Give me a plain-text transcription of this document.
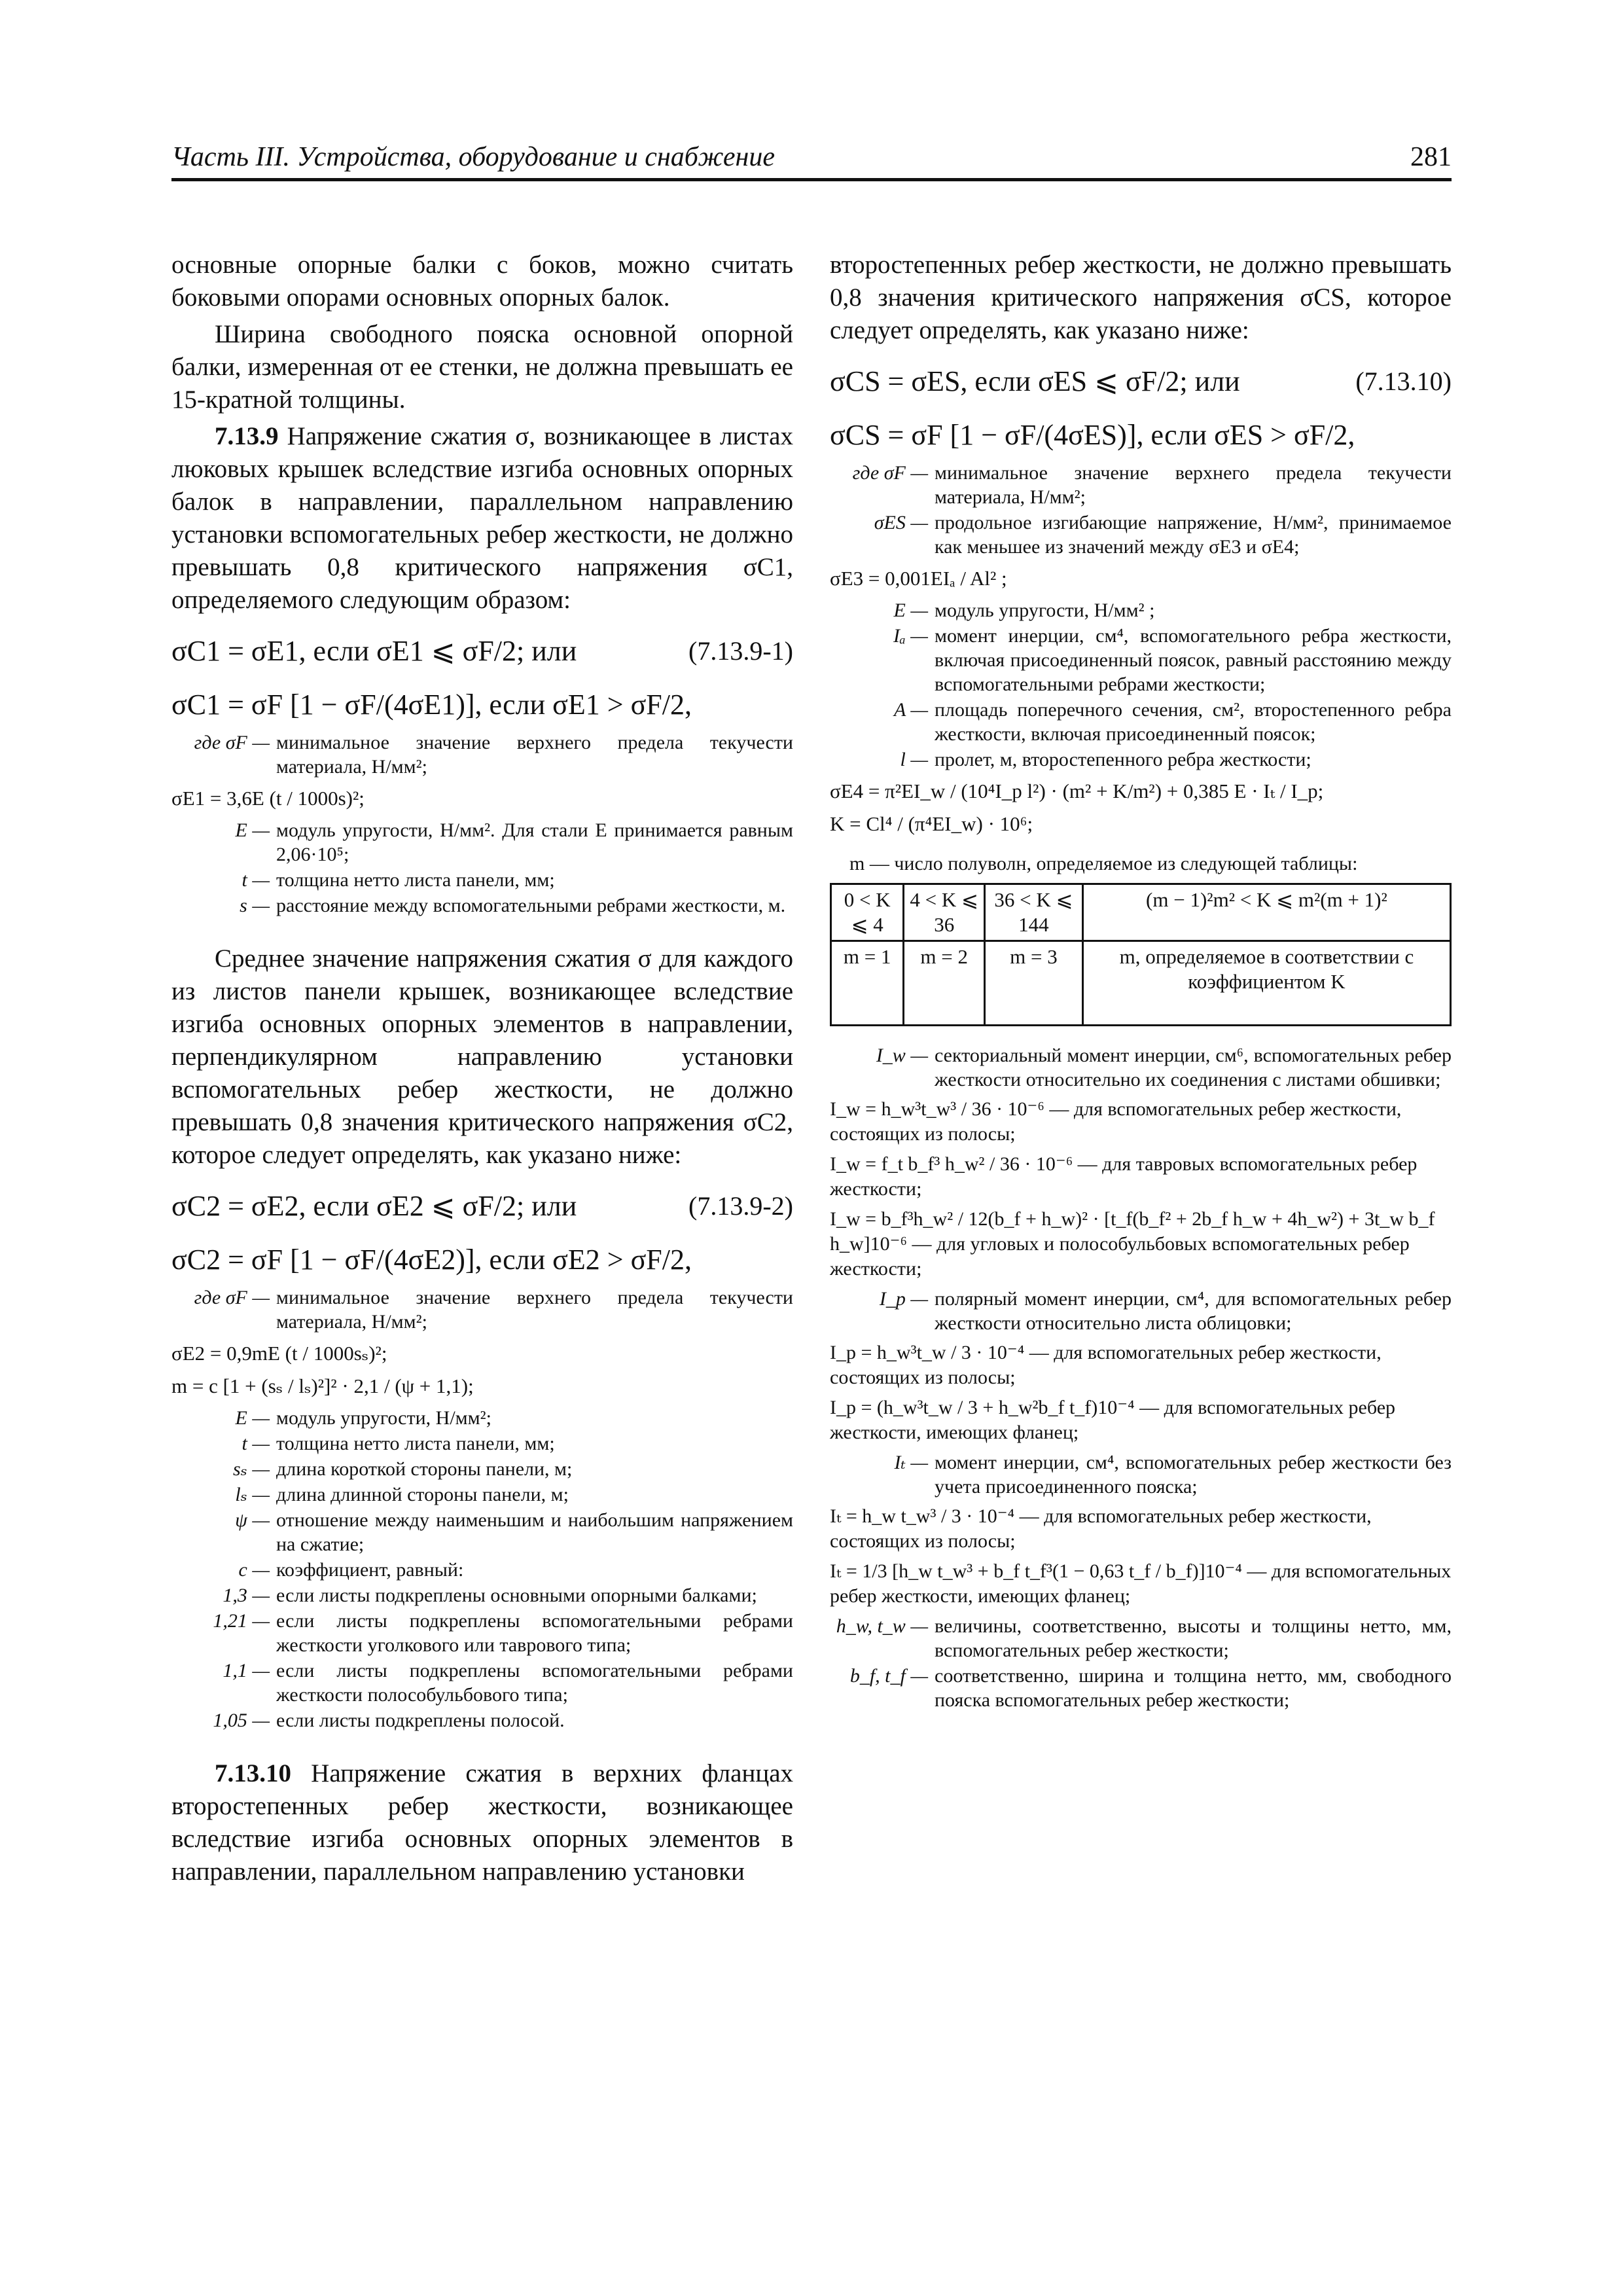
Часть III. Устройства, оборудование и снабжение	281

основные опорные балки с боков, можно считать боковыми опорами основных опорных балок.

Ширина свободного пояска основной опорной балки, измеренная от ее стенки, не должна превышать ее 15-кратной толщины.

7.13.9 Напряжение сжатия σ, возникающее в листах люковых крышек вследствие изгиба основных опорных балок в направлении, параллельном направлению установки вспомогательных ребер жесткости, не должно превышать 0,8 критического напряжения σC1, определяемого следующим образом:

σC1 = σE1, если σE1 ⩽ σF/2; или	(7.13.9-1)
σC1 = σF [1 − σF/(4σE1)], если σE1 > σF/2,
где σF — минимальное значение верхнего предела текучести материала, Н/мм²;
σE1 = 3,6E (t / 1000s)²;
E — модуль упругости, Н/мм². Для стали E принимается равным 2,06·10⁵;
t — толщина нетто листа панели, мм;
s — расстояние между вспомогательными ребрами жесткости, м.

Среднее значение напряжения сжатия σ для каждого из листов панели крышек, возникающее вследствие изгиба основных опорных элементов в направлении, перпендикулярном направлению установки вспомогательных ребер жесткости, не должно превышать 0,8 значения критического напряжения σC2, которое следует определять, как указано ниже:

σC2 = σE2, если σE2 ⩽ σF/2; или	(7.13.9-2)
σC2 = σF [1 − σF/(4σE2)], если σE2 > σF/2,
где σF — минимальное значение верхнего предела текучести материала, Н/мм²;
σE2 = 0,9mE (t / 1000sₛ)²;
m = c [1 + (sₛ / lₛ)²]² · 2,1 / (ψ + 1,1);
E — модуль упругости, Н/мм²;
t — толщина нетто листа панели, мм;
sₛ — длина короткой стороны панели, м;
lₛ — длина длинной стороны панели, м;
ψ — отношение между наименьшим и наибольшим напряжением на сжатие;
c — коэффициент, равный:
1,3 — если листы подкреплены основными опорными балками;
1,21 — если листы подкреплены вспомогательными ребрами жесткости уголкового или таврового типа;
1,1 — если листы подкреплены вспомогательными ребрами жесткости полособульбового типа;
1,05 — если листы подкреплены полосой.

7.13.10 Напряжение сжатия в верхних фланцах второстепенных ребер жесткости, возникающее вследствие изгиба основных опорных элементов в направлении, параллельном направлению установки

второстепенных ребер жесткости, не должно превышать 0,8 значения критического напряжения σCS, которое следует определять, как указано ниже:

σCS = σES, если σES ⩽ σF/2; или	(7.13.10)
σCS = σF [1 − σF/(4σES)], если σES > σF/2,
где σF — минимальное значение верхнего предела текучести материала, Н/мм²;
σES — продольное изгибающие напряжение, Н/мм², принимаемое как меньшее из значений между σE3 и σE4;
σE3 = 0,001EIₐ / Al² ;
E — модуль упругости, Н/мм² ;
Iₐ — момент инерции, см⁴, вспомогательного ребра жесткости, включая присоединенный поясок, равный расстоянию между вспомогательными ребрами жесткости;
A — площадь поперечного сечения, см², второстепенного ребра жесткости, включая присоединенный поясок;
l — пролет, м, второстепенного ребра жесткости;
σE4 = π²EI_w / (10⁴I_p l²) · (m² + K/m²) + 0,385 E · Iₜ / I_p;
K = Cl⁴ / (π⁴EI_w) · 10⁶;
m — число полуволн, определяемое из следующей таблицы:
0 < K ⩽ 4	4 < K ⩽ 36	36 < K ⩽ 144	(m − 1)²m² < K ⩽ m²(m + 1)²
m = 1	m = 2	m = 3	m, определяемое в соответствии с коэффициентом K
I_w — секториальный момент инерции, см⁶, вспомогательных ребер жесткости относительно их соединения с листами обшивки;
I_w = h_w³t_w³ / 36 · 10⁻⁶ — для вспомогательных ребер жесткости, состоящих из полосы;
I_w = f_t b_f³ h_w² / 36 · 10⁻⁶ — для тавровых вспомогательных ребер жесткости;
I_w = b_f³h_w² / 12(b_f + h_w)² · [t_f(b_f² + 2b_f h_w + 4h_w²) + 3t_w b_f h_w]10⁻⁶ — для угловых и полособульбовых вспомогательных ребер жесткости;
I_p — полярный момент инерции, см⁴, для вспомогательных ребер жесткости относительно листа облицовки;
I_p = h_w³t_w / 3 · 10⁻⁴ — для вспомогательных ребер жесткости, состоящих из полосы;
I_p = (h_w³t_w / 3 + h_w²b_f t_f)10⁻⁴ — для вспомогательных ребер жесткости, имеющих фланец;
Iₜ — момент инерции, см⁴, вспомогательных ребер жесткости без учета присоединенного пояска;
Iₜ = h_w t_w³ / 3 · 10⁻⁴ — для вспомогательных ребер жесткости, состоящих из полосы;
Iₜ = 1/3 [h_w t_w³ + b_f t_f³(1 − 0,63 t_f / b_f)]10⁻⁴ — для вспомогательных ребер жесткости, имеющих фланец;
h_w, t_w — величины, соответственно, высоты и толщины нетто, мм, вспомогательных ребер жесткости;
b_f, t_f — соответственно, ширина и толщина нетто, мм, свободного пояска вспомогательных ребер жесткости;
